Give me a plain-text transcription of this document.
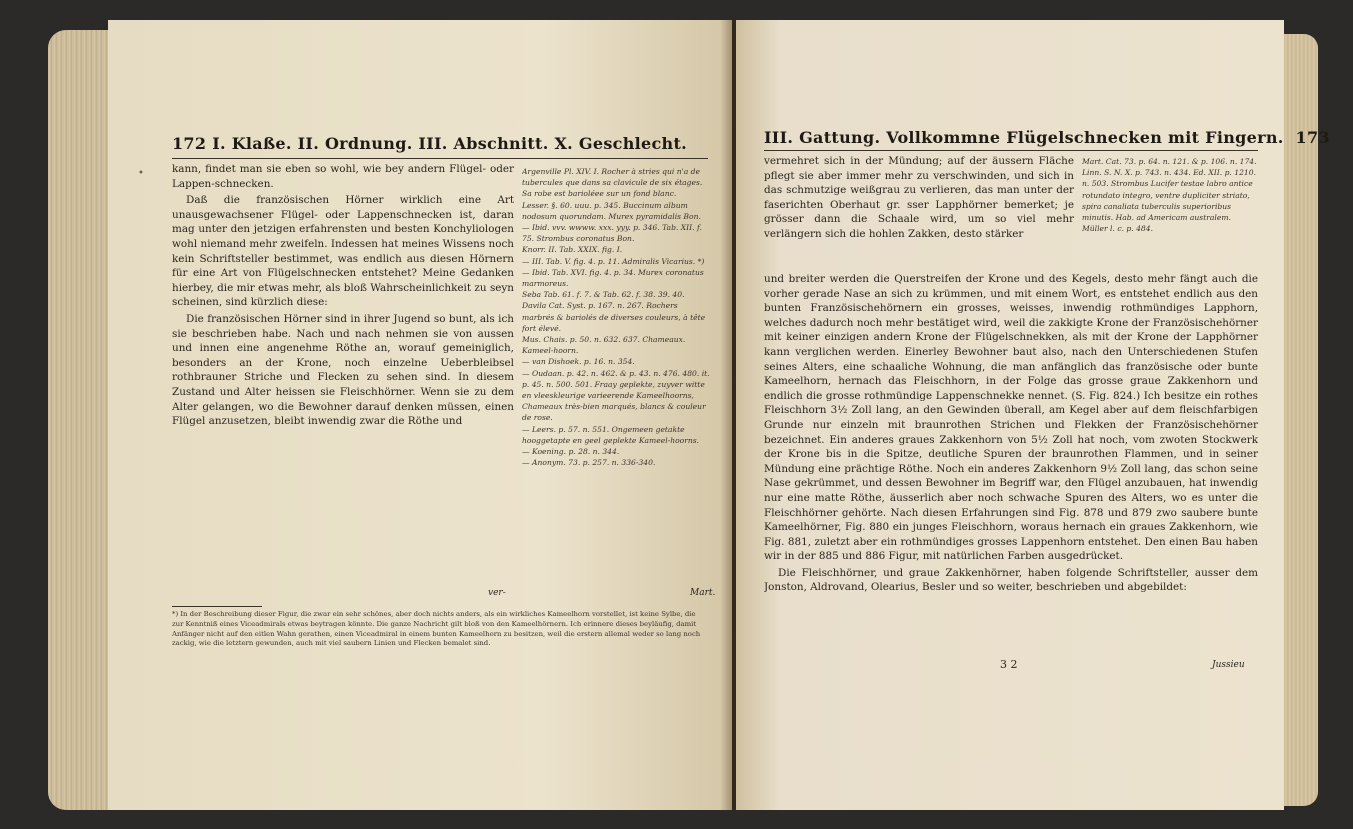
172 I. Klaße. II. Ordnung. III. Abschnitt. X. Geschlecht.
•	kann, findet man sie eben so wohl, wie bey andern Flügel- oder Lappen-schnecken.

Daß die französischen Hörner wirklich eine Art unausgewachsener Flügel- oder Lappenschnecken ist, daran mag unter den jetzigen erfahrensten und besten Konchyliologen wohl niemand mehr zweifeln. Indessen hat meines Wissens noch kein Schriftsteller bestimmet, was endlich aus diesen Hörnern für eine Art von Flügelschnecken entstehet? Meine Gedanken hierbey, die mir etwas mehr, als bloß Wahrscheinlichkeit zu seyn scheinen, sind kürzlich diese:

Die französischen Hörner sind in ihrer Jugend so bunt, als ich sie beschrieben habe. Nach und nach nehmen sie von aussen und innen eine angenehme Röthe an, worauf gemeiniglich, besonders an der Krone, noch einzelne Ueberbleibsel rothbrauner Striche und Flecken zu sehen sind. In diesem Zustand und Alter heissen sie Fleischhörner. Wenn sie zu dem Alter gelangen, wo die Bewohner darauf denken müssen, einen Flügel anzusetzen, bleibt inwendig zwar die Röthe und

ver-

Argenville Pl. XIV. I. Rocher à stries qui n'a de tubercules que dans sa clavicule de six étages. Sa robe est barioléee sur un fond blanc.

Lesser. §. 60. uuu. p. 345. Buccinum album nodosum quorundam. Murex pyramidalis Bon.

— Ibid. vvv. wwww. xxx. yyy. p. 346. Tab. XII. f. 75. Strombus coronatus Bon.

Knorr. II. Tab. XXIX. fig. I.

— III. Tab. V. fig. 4. p. 11. Admiralis Vicarius. *)

— Ibid. Tab. XVI. fig. 4. p. 34. Murex coronatus marmoreus.

Seba Tab. 61. f. 7. & Tab. 62. f. 38. 39. 40.

Davila Cat. Syst. p. 167. n. 267. Rochers marbrés & bariolés de diverses couleurs, à tête fort élevé.

Mus. Chais. p. 50. n. 632. 637. Chameaux. Kameel-hoorn.

— van Dishoek. p. 16. n. 354.

— Oudaan. p. 42. n. 462. & p. 43. n. 476. 480. it. p. 45. n. 500. 501. Fraay geplekte, zuyver witte en vleeskleurige varieerende Kameelhoorns, Chameaux très-bien marqués, blancs & couleur de rose.

— Leers. p. 57. n. 551. Ongemeen getakte hooggetapte en geel geplekte Kameel-hoorns.

— Koening. p. 28. n. 344.

— Anonym. 73. p. 257. n. 336-340.

Mart.
*) In der Beschreibung dieser Figur, die zwar ein sehr schönes, aber doch nichts anders, als ein wirkliches Kameelhorn vorstellet, ist keine Sylbe, die zur Kenntniß eines Viceadmirals etwas beytragen könnte. Die ganze Nachricht gilt bloß von den Kameelhörnern. Ich erinnere dieses beyläufig, damit Anfänger nicht auf den eitlen Wahn gerathen, einen Viceadmiral in einem bunten Kameelhorn zu besitzen, weil die erstern allemal weder so lang noch zackig, wie die letztern gewunden, auch mit viel saubern Linien und Flecken bemalet sind.
III. Gattung. Vollkommne Flügelschnecken mit Fingern. 173

vermehret sich in der Mündung; auf der äussern Fläche pflegt sie aber immer mehr zu verschwinden, und sich in das schmutzige weißgrau zu verlieren, das man unter der faserichten Oberhaut gr. sser Lapphörner bemerket; je grösser dann die Schaale wird, um so viel mehr verlängern sich die hohlen Zakken, desto stärker

Mart. Cat. 73. p. 64. n. 121. & p. 106. n. 174.

Linn. S. N. X. p. 743. n. 434. Ed. XII. p. 1210. n. 503. Strombus Lucifer testae labro antice rotundato integro, ventre dupliciter striato, spira canaliata tuberculis superioribus minutis. Hab. ad Americam australem.

Müller l. c. p. 484.

und breiter werden die Querstreifen der Krone und des Kegels, desto mehr fängt auch die vorher gerade Nase an sich zu krümmen, und mit einem Wort, es entstehet endlich aus den bunten Französischehörnern ein grosses, weisses, inwendig rothmündiges Lapphorn, welches dadurch noch mehr bestätiget wird, weil die zakkigte Krone der Französischehörner mit keiner einzigen andern Krone der Flügelschnekken, als mit der Krone der Lapphörner kann verglichen werden. Einerley Bewohner baut also, nach den Unterschiedenen Stufen seines Alters, eine schaaliche Wohnung, die man anfänglich das französische oder bunte Kameelhorn, hernach das Fleischhorn, in der Folge das grosse graue Zakkenhorn und endlich die grosse rothmündige Lappenschnekke nennet. (S. Fig. 824.) Ich besitze ein rothes Fleischhorn 3½ Zoll lang, an den Gewinden überall, am Kegel aber auf dem fleischfarbigen Grunde nur einzeln mit braunrothen Strichen und Flekken der Französischehörner bezeichnet. Ein anderes graues Zakkenhorn von 5½ Zoll hat noch, vom zwoten Stockwerk der Krone bis in die Spitze, deutliche Spuren der braunrothen Flammen, und in seiner Mündung eine prächtige Röthe. Noch ein anderes Zakkenhorn 9½ Zoll lang, das schon seine Nase gekrümmet, und dessen Bewohner im Begriff war, den Flügel anzubauen, hat inwendig nur eine matte Röthe, äusserlich aber noch schwache Spuren des Alters, wo es unter die Fleischhörner gehörte. Nach diesen Erfahrungen sind Fig. 878 und 879 zwo saubere bunte Kameelhörner, Fig. 880 ein junges Fleischhorn, woraus hernach ein graues Zakkenhorn, wie Fig. 881, zuletzt aber ein rothmündiges grosses Lappenhorn entstehet. Den einen Bau haben wir in der 885 und 886 Figur, mit natürlichen Farben ausgedrücket.

Die Fleischhörner, und graue Zakkenhörner, haben folgende Schriftsteller, ausser dem Jonston, Aldrovand, Olearius, Besler und so weiter, beschrieben und abgebildet:

3 2	Jussieu
